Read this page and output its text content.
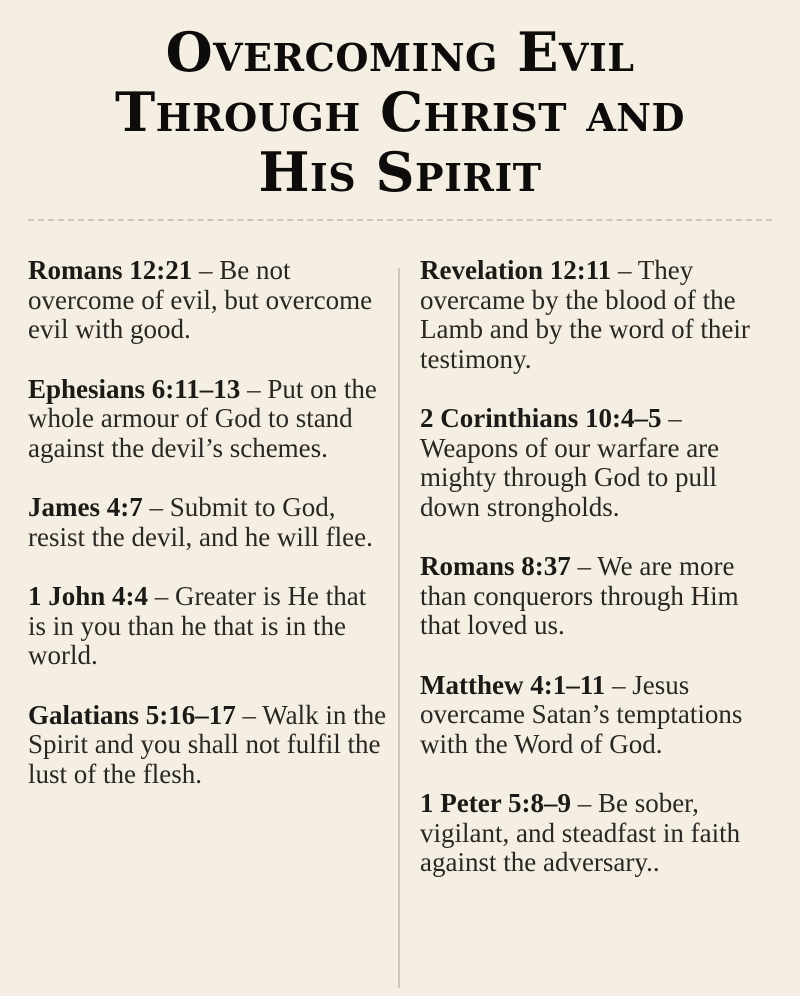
Overcoming Evil
Through Christ and
His Spirit

Romans 12:21 – Be not overcome of evil, but overcome evil with good.

Ephesians 6:11–13 – Put on the whole armour of God to stand against the devil’s schemes.

James 4:7 – Submit to God, resist the devil, and he will flee.

1 John 4:4 – Greater is He that is in you than he that is in the world.

Galatians 5:16–17 – Walk in the Spirit and you shall not fulfil the lust of the flesh.

Revelation 12:11 – They overcame by the blood of the Lamb and by the word of their testimony.

2 Corinthians 10:4–5 – Weapons of our warfare are mighty through God to pull down strongholds.

Romans 8:37 – We are more than conquerors through Him that loved us.

Matthew 4:1–11 – Jesus overcame Satan’s temptations with the Word of God.

1 Peter 5:8–9 – Be sober, vigilant, and steadfast in faith against the adversary..
